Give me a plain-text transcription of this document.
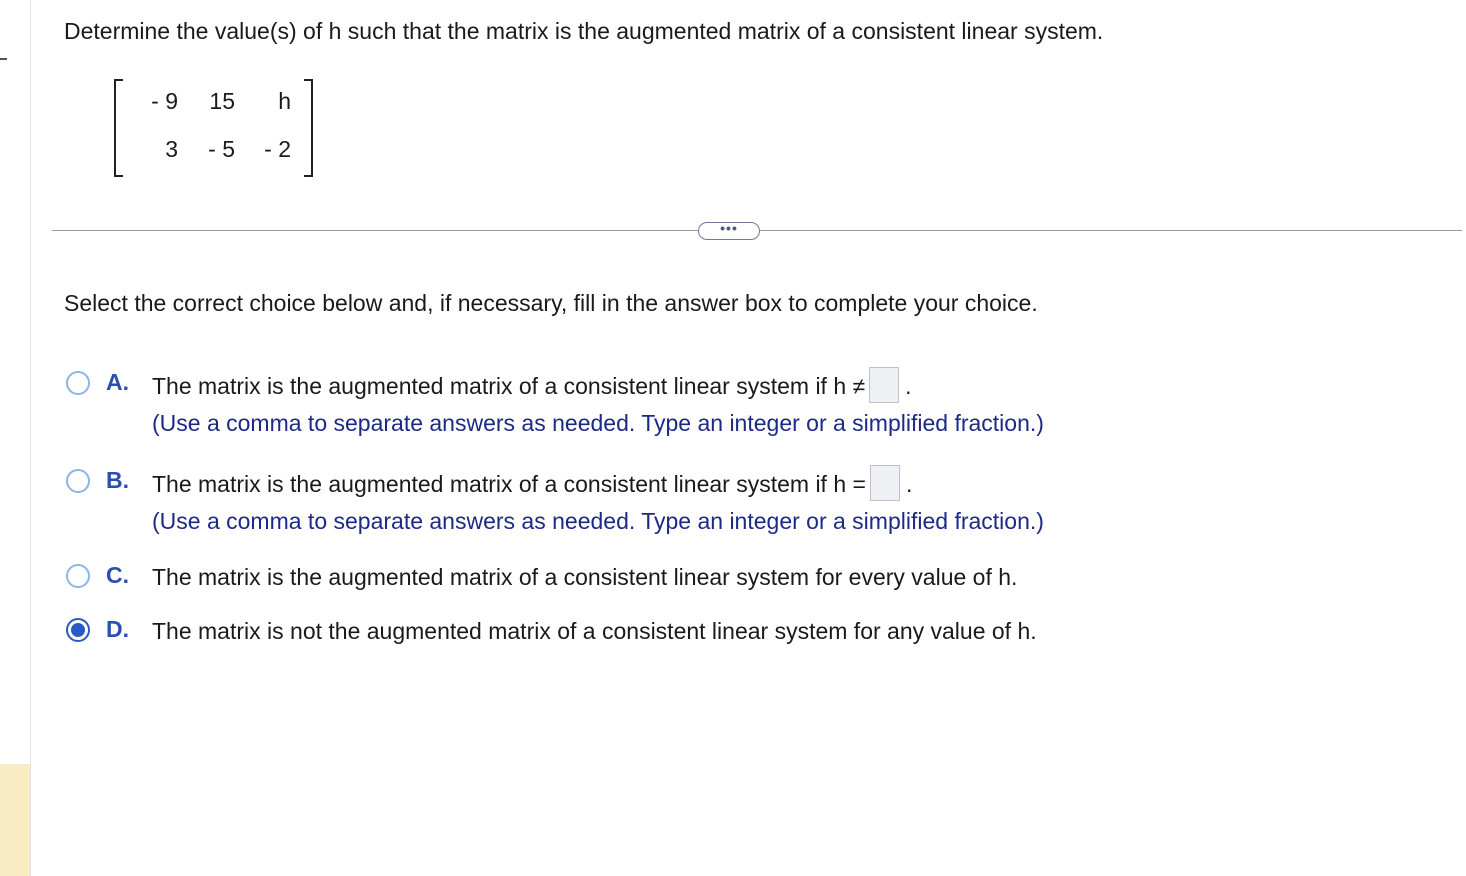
Determine the value(s) of h such that the matrix is the augmented matrix of a consistent linear system.
- 9	15	h
3	- 5	- 2
•••
Select the correct choice below and, if necessary, fill in the answer box to complete your choice.
A. The matrix is the augmented matrix of a consistent linear system if h ≠ .
(Use a comma to separate answers as needed. Type an integer or a simplified fraction.)
B. The matrix is the augmented matrix of a consistent linear system if h = .
(Use a comma to separate answers as needed. Type an integer or a simplified fraction.)
C. The matrix is the augmented matrix of a consistent linear system for every value of h.
D. The matrix is not the augmented matrix of a consistent linear system for any value of h.
